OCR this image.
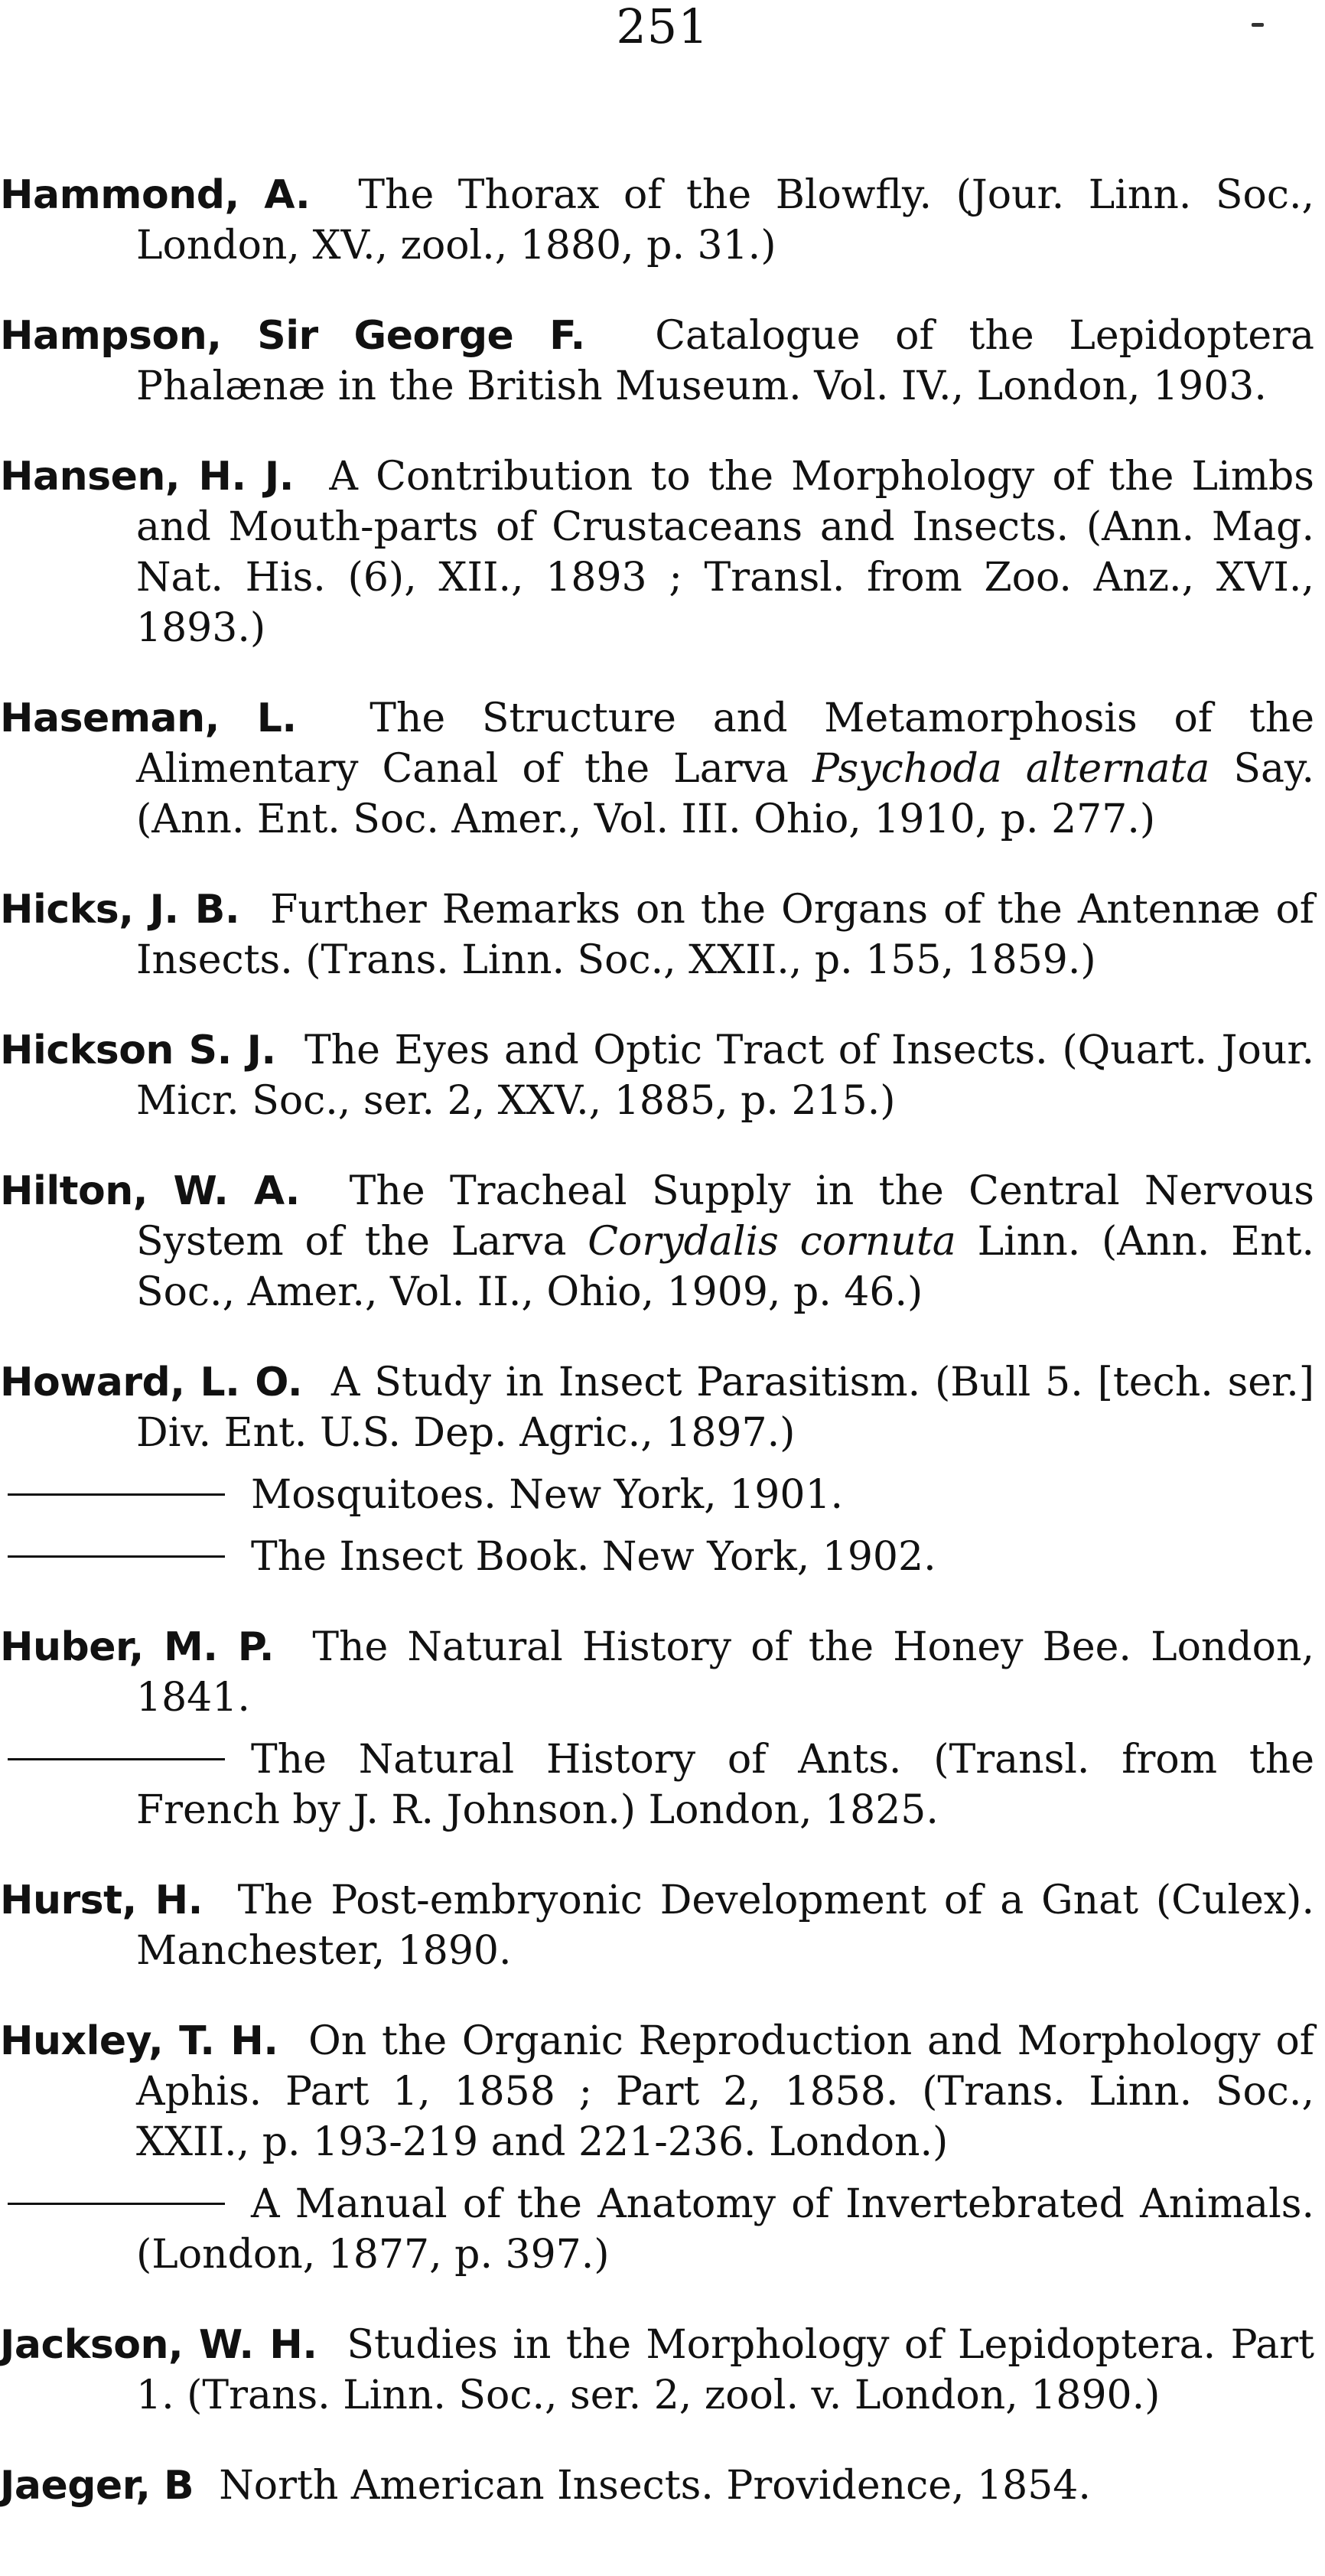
251

Hammond, A. The Thorax of the Blowfly. (Jour. Linn. Soc., London, XV., zool., 1880, p. 31.)

Hampson, Sir George F. Catalogue of the Lepidoptera Phalænæ in the British Museum. Vol. IV., London, 1903.

Hansen, H. J. A Contribution to the Morphology of the Limbs and Mouth-parts of Crustaceans and Insects. (Ann. Mag. Nat. His. (6), XII., 1893 ; Transl. from Zoo. Anz., XVI., 1893.)

Haseman, L. The Structure and Metamorphosis of the Alimentary Canal of the Larva Psychoda alternata Say. (Ann. Ent. Soc. Amer., Vol. III. Ohio, 1910, p. 277.)

Hicks, J. B. Further Remarks on the Organs of the Antennæ of Insects. (Trans. Linn. Soc., XXII., p. 155, 1859.)

Hickson S. J. The Eyes and Optic Tract of Insects. (Quart. Jour. Micr. Soc., ser. 2, XXV., 1885, p. 215.)

Hilton, W. A. The Tracheal Supply in the Central Nervous System of the Larva Corydalis cornuta Linn. (Ann. Ent. Soc., Amer., Vol. II., Ohio, 1909, p. 46.)

Howard, L. O. A Study in Insect Parasitism. (Bull 5. [tech. ser.] Div. Ent. U.S. Dep. Agric., 1897.)

Mosquitoes. New York, 1901.

The Insect Book. New York, 1902.

Huber, M. P. The Natural History of the Honey Bee. London, 1841.

The Natural History of Ants. (Transl. from the French by J. R. Johnson.) London, 1825.

Hurst, H. The Post-embryonic Development of a Gnat (Culex). Manchester, 1890.

Huxley, T. H. On the Organic Reproduction and Morphology of Aphis. Part 1, 1858 ; Part 2, 1858. (Trans. Linn. Soc., XXII., p. 193-219 and 221-236. London.)

A Manual of the Anatomy of Invertebrated Animals. (London, 1877, p. 397.)

Jackson, W. H. Studies in the Morphology of Lepidoptera. Part 1. (Trans. Linn. Soc., ser. 2, zool. v. London, 1890.)

Jaeger, B North American Insects. Providence, 1854.
